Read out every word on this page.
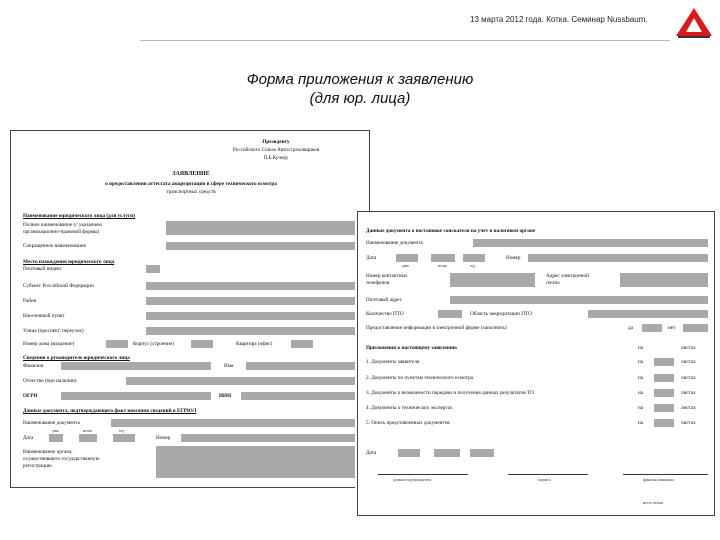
13 марта 2012 года. Котка. Семинар Nussbaum.
Форма приложения к заявлению
(для юр. лица)
Президенту
Российского Союза Автостраховщиков
П.Б.Кучеру
ЗАЯВЛЕНИЕ
о предоставлении аттестата аккредитации в сфере технического осмотра
транспортных средств
Наименование юридического лица (для услуги)
Полное наименование (с указанием
организационно-правовой формы)
Сокращенное наименование
Место нахождения юридического лица
Почтовый индекс
Субъект Российской Федерации
Район
Населенный пункт
Улица (проспект, переулок)
Номер дома (владение)	Корпус (строение)	Квартира (офис)
Сведения о руководителе юридического лица
Фамилия	Имя
Отчество (при наличии)
ОГРН	ИНН
Данные документа, подтверждающего факт внесения сведений в ЕГРЮЛ
Наименование документа
Дата
день	месяц	год
Номер
Наименование органа,
осуществившего государственную
регистрацию
Данные документа о постановке соискателя на учет в налоговом органе
Наименование документа
Дата
день	месяц	год
Номер
Номер контактных
телефонов
Адрес электронной
почты
Почтовый адрес
Количество ПТО	Область аккредитации ПТО
Предоставление информации в электронной форме (заполнить)	да	нет
Приложения к настоящему заявлению	на	листах
1. Документы заявителя	на	листах
2. Документы по пунктам технического осмотра	на	листах
3. Документы о возможности передачи и получения данных результатов ТО	на	листах
4. Документы о технических экспертах	на	листах
5. Опись представленных документов	на	листах
Дата
должность руководителя	подпись	фамилия, инициалы
место печати
